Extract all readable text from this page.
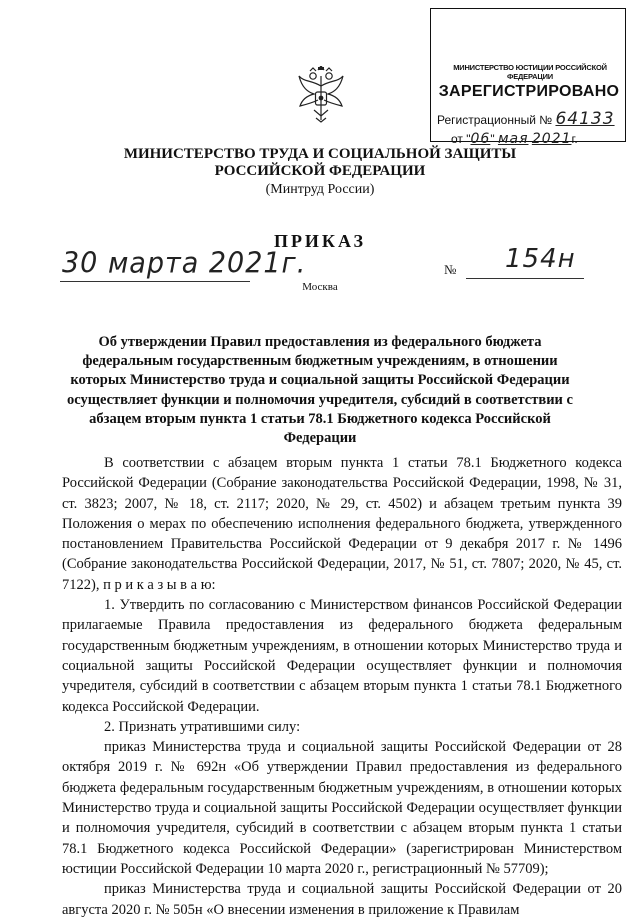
МИНИСТЕРСТВО ЮСТИЦИИ РОССИЙСКОЙ ФЕДЕРАЦИИ
ЗАРЕГИСТРИРОВАНО
Регистрационный № 64133
от "06" мая 2021г.
МИНИСТЕРСТВО ТРУДА И СОЦИАЛЬНОЙ ЗАЩИТЫ
РОССИЙСКОЙ ФЕДЕРАЦИИ
(Минтруд России)
ПРИКАЗ
30 марта 2021г.	№ 154н
Москва
Об утверждении Правил предоставления из федерального бюджета федеральным государственным бюджетным учреждениям, в отношении которых Министерство труда и социальной защиты Российской Федерации осуществляет функции и полномочия учредителя, субсидий в соответствии с абзацем вторым пункта 1 статьи 78.1 Бюджетного кодекса Российской Федерации

В соответствии с абзацем вторым пункта 1 статьи 78.1 Бюджетного кодекса Российской Федерации (Собрание законодательства Российской Федерации, 1998, № 31, ст. 3823; 2007, № 18, ст. 2117; 2020, № 29, ст. 4502) и абзацем третьим пункта 39 Положения о мерах по обеспечению исполнения федерального бюджета, утвержденного постановлением Правительства Российской Федерации от 9 декабря 2017 г. № 1496 (Собрание законодательства Российской Федерации, 2017, № 51, ст. 7807; 2020, № 45, ст. 7122), п р и к а з ы в а ю:

1. Утвердить по согласованию с Министерством финансов Российской Федерации прилагаемые Правила предоставления из федерального бюджета федеральным государственным бюджетным учреждениям, в отношении которых Министерство труда и социальной защиты Российской Федерации осуществляет функции и полномочия учредителя, субсидий в соответствии с абзацем вторым пункта 1 статьи 78.1 Бюджетного кодекса Российской Федерации.

2. Признать утратившими силу:

приказ Министерства труда и социальной защиты Российской Федерации от 28 октября 2019 г. № 692н «Об утверждении Правил предоставления из федерального бюджета федеральным государственным бюджетным учреждениям, в отношении которых Министерство труда и социальной защиты Российской Федерации осуществляет функции и полномочия учредителя, субсидий в соответствии с абзацем вторым пункта 1 статьи 78.1 Бюджетного кодекса Российской Федерации» (зарегистрирован Министерством юстиции Российской Федерации 10 марта 2020 г., регистрационный № 57709);

приказ Министерства труда и социальной защиты Российской Федерации от 20 августа 2020 г. № 505н «О внесении изменения в приложение к Правилам
